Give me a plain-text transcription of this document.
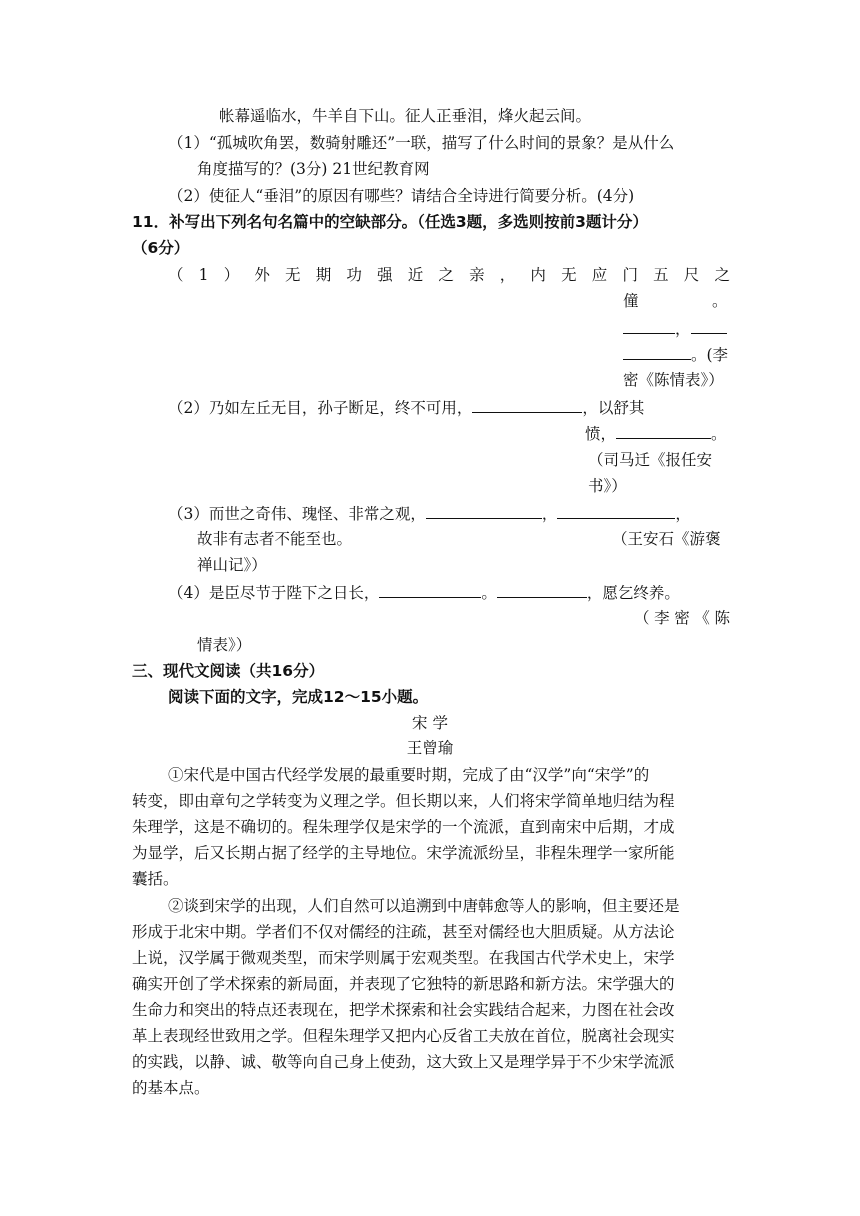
帐幕遥临水，牛羊自下山。征人正垂泪，烽火起云间。
（1）“孤城吹角罢，数骑射雕还”一联，描写了什么时间的景象？是从什么
角度描写的？(3分) 21世纪教育网
（2）使征人“垂泪”的原因有哪些？请结合全诗进行简要分析。(4分)
11．补写出下列名句名篇中的空缺部分。（任选3题，多选则按前3题计分）
（6分）
（ 1 ） 外 无 期 功 强 近 之 亲 ， 内 无 应 门 五 尺 之
僮	。
，
。(李
密《陈情表》）
（2）乃如左丘无目，孙子断足，终不可用，	，以舒其
愤，	。
（司马迁《报任安
书》）
（3）而世之奇伟、瑰怪、非常之观，	，	，
故非有志者不能至也。	（王安石《游褒
禅山记》）
（4）是臣尽节于陛下之日长，	。	，愿乞终养。
（ 李 密 《 陈
情表》）
三、现代文阅读（共16分）
阅读下面的文字，完成12～15小题。
宋 学
王曾瑜
①宋代是中国古代经学发展的最重要时期，完成了由“汉学”向“宋学”的
转变，即由章句之学转变为义理之学。但长期以来，人们将宋学简单地归结为程
朱理学，这是不确切的。程朱理学仅是宋学的一个流派，直到南宋中后期，才成
为显学，后又长期占据了经学的主导地位。宋学流派纷呈，非程朱理学一家所能
囊括。
②谈到宋学的出现，人们自然可以追溯到中唐韩愈等人的影响，但主要还是
形成于北宋中期。学者们不仅对儒经的注疏，甚至对儒经也大胆质疑。从方法论
上说，汉学属于微观类型，而宋学则属于宏观类型。在我国古代学术史上，宋学
确实开创了学术探索的新局面，并表现了它独特的新思路和新方法。宋学强大的
生命力和突出的特点还表现在，把学术探索和社会实践结合起来，力图在社会改
革上表现经世致用之学。但程朱理学又把内心反省工夫放在首位，脱离社会现实
的实践，以静、诚、敬等向自己身上使劲，这大致上又是理学异于不少宋学流派
的基本点。
